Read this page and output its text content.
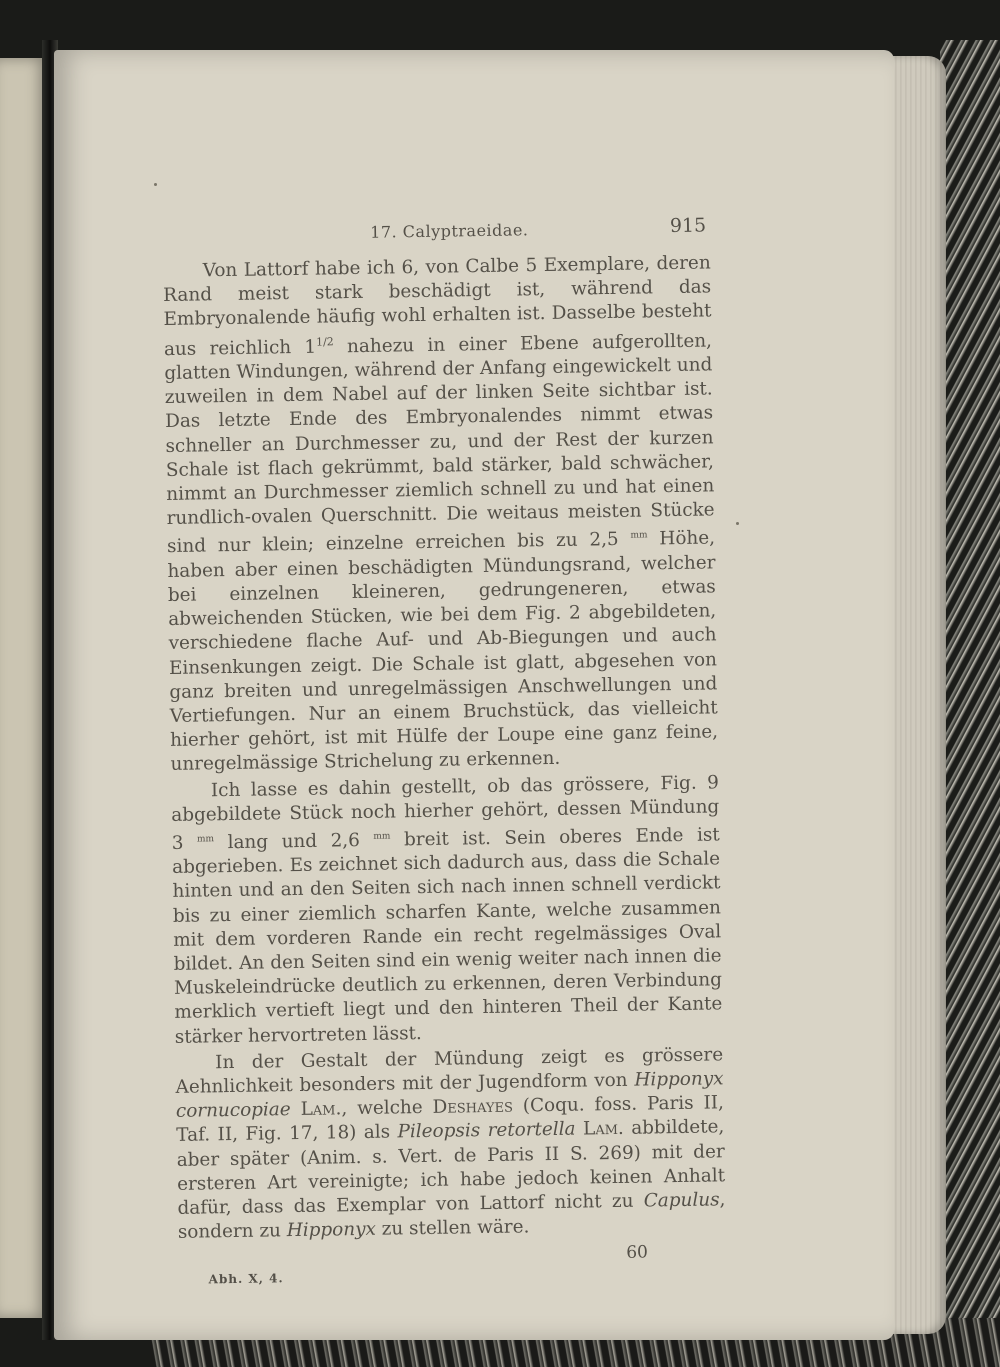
17. Calyptraeidae.	915

Von Lattorf habe ich 6, von Calbe 5 Exemplare, deren Rand meist stark beschädigt ist, während das Embryonalende häufig wohl erhalten ist. Dasselbe besteht aus reichlich $1^{1/2}$ nahezu in einer Ebene aufgerollten, glatten Windungen, während der Anfang eingewickelt und zuweilen in dem Nabel auf der linken Seite sichtbar ist. Das letzte Ende des Embryonalendes nimmt etwas schneller an Durchmesser zu, und der Rest der kurzen Schale ist flach gekrümmt, bald stärker, bald schwächer, nimmt an Durchmesser ziemlich schnell zu und hat einen rundlich-ovalen Querschnitt. Die weitaus meisten Stücke sind nur klein; einzelne erreichen bis zu 2,5 $^{mm}$ Höhe, haben aber einen beschädigten Mündungsrand, welcher bei einzelnen kleineren, gedrungeneren, etwas abweichenden Stücken, wie bei dem Fig. 2 abgebildeten, verschiedene flache Auf- und Ab-Biegungen und auch Einsenkungen zeigt. Die Schale ist glatt, abgesehen von ganz breiten und unregelmässigen Anschwellungen und Vertiefungen. Nur an einem Bruchstück, das vielleicht hierher gehört, ist mit Hülfe der Loupe eine ganz feine, unregelmässige Strichelung zu erkennen.

Ich lasse es dahin gestellt, ob das grössere, Fig. 9 abgebildete Stück noch hierher gehört, dessen Mündung 3 $^{mm}$ lang und 2,6 $^{mm}$ breit ist. Sein oberes Ende ist abgerieben. Es zeichnet sich dadurch aus, dass die Schale hinten und an den Seiten sich nach innen schnell verdickt bis zu einer ziemlich scharfen Kante, welche zusammen mit dem vorderen Rande ein recht regelmässiges Oval bildet. An den Seiten sind ein wenig weiter nach innen die Muskeleindrücke deutlich zu erkennen, deren Verbindung merklich vertieft liegt und den hinteren Theil der Kante stärker hervortreten lässt.

In der Gestalt der Mündung zeigt es grössere Aehnlichkeit besonders mit der Jugendform von Hipponyx cornucopiae Lam., welche Deshayes (Coqu. foss. Paris II, Taf. II, Fig. 17, 18) als Pileopsis retortella Lam. abbildete, aber später (Anim. s. Vert. de Paris II S. 269) mit der ersteren Art vereinigte; ich habe jedoch keinen Anhalt dafür, dass das Exemplar von Lattorf nicht zu Capulus, sondern zu Hipponyx zu stellen wäre.

60
Abh. X, 4.
